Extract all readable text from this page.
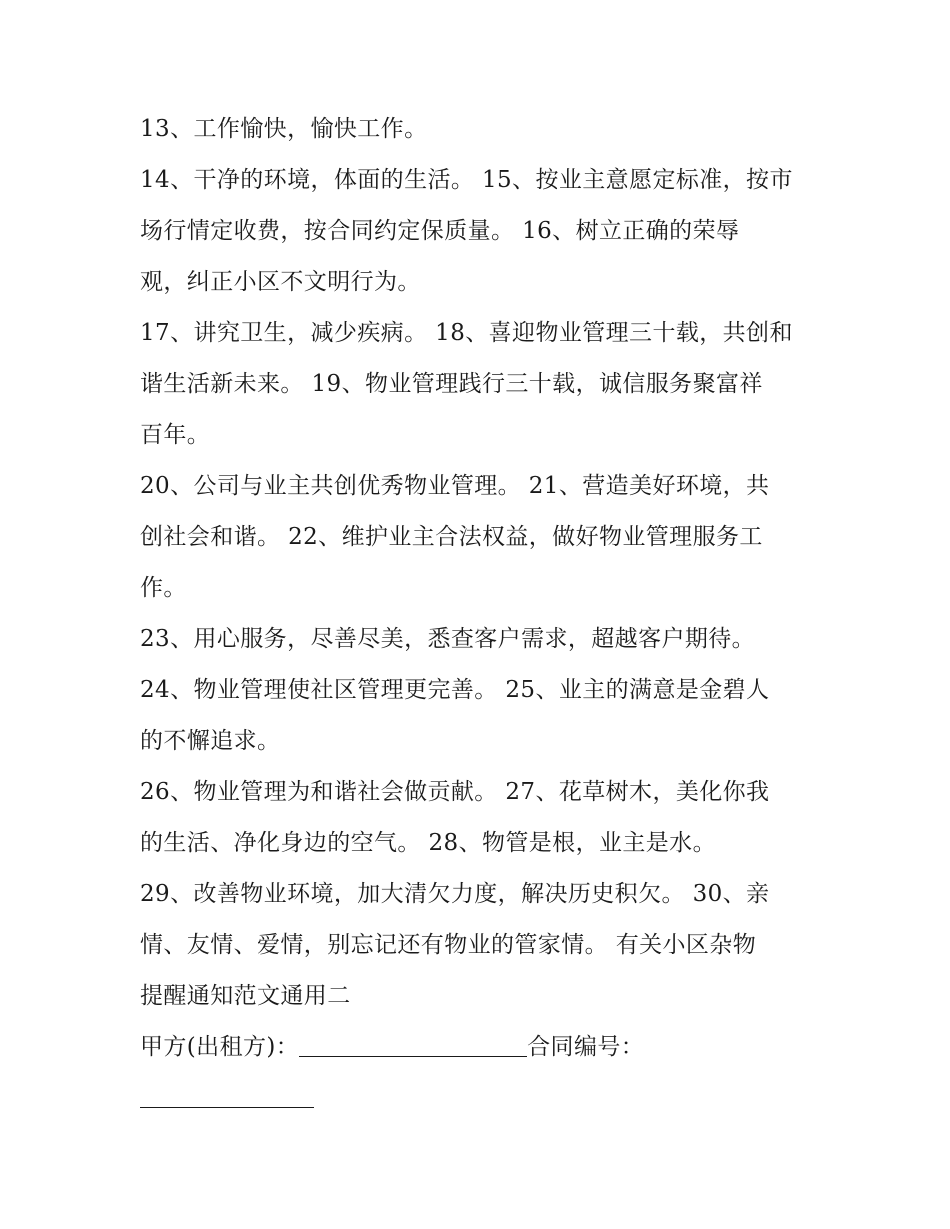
13、工作愉快，愉快工作。
14、干净的环境，体面的生活。 15、按业主意愿定标准，按市
场行情定收费，按合同约定保质量。 16、树立正确的荣辱
观，纠正小区不文明行为。
17、讲究卫生，减少疾病。 18、喜迎物业管理三十载，共创和
谐生活新未来。 19、物业管理践行三十载，诚信服务聚富祥
百年。
20、公司与业主共创优秀物业管理。 21、营造美好环境，共
创社会和谐。 22、维护业主合法权益，做好物业管理服务工
作。
23、用心服务，尽善尽美，悉查客户需求，超越客户期待。
24、物业管理使社区管理更完善。 25、业主的满意是金碧人
的不懈追求。
26、物业管理为和谐社会做贡献。 27、花草树木，美化你我
的生活、净化身边的空气。 28、物管是根，业主是水。
29、改善物业环境，加大清欠力度，解决历史积欠。 30、亲
情、友情、爱情，别忘记还有物业的管家情。 有关小区杂物
提醒通知范文通用二
甲方(出租方)：	合同编号：
